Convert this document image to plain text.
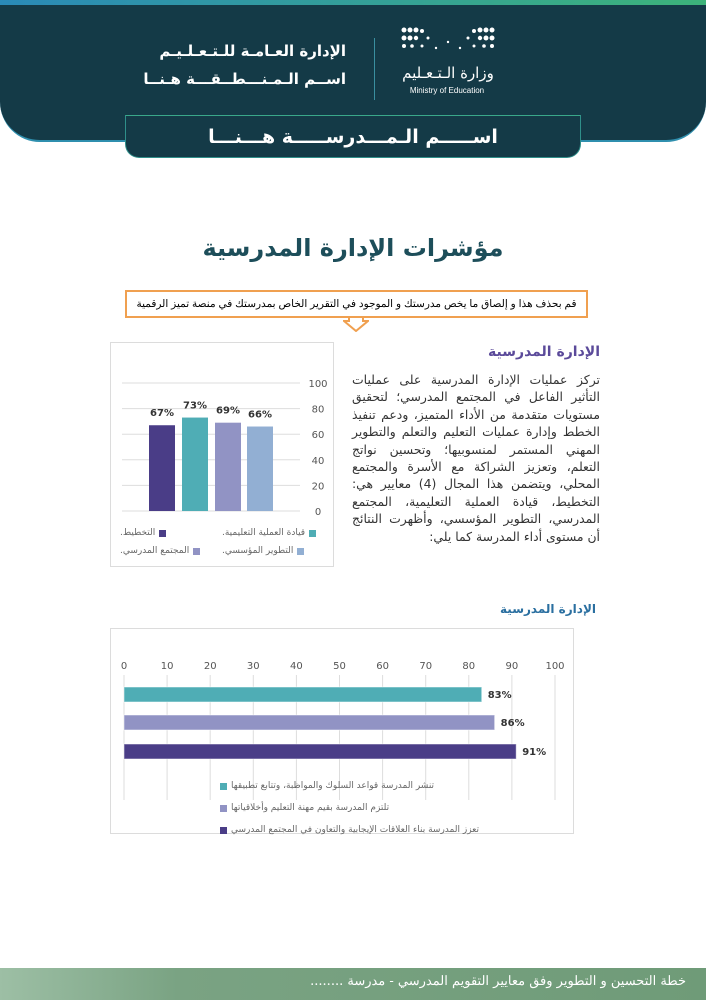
الإدارة العـامـة للـتـعـلـيـم
اســم الـمـنـــطــقـــة هـنــا	وزارة الـتـعـليم
Ministry of Education
اســـــم الـمـــدرســـــة هـــنـــا
مؤشرات الإدارة المدرسية
قم بحذف هذا و إلصاق ما يخص مدرستك و الموجود في التقرير الخاص بمدرستك في منصة تميز الرقمية
0
20
40
60
80
100
67%
73% 69% 66%
التخطيط.	قيادة العملية التعليمية.
المجتمع المدرسي.	التطوير المؤسسي.
الإدارة المدرسية
تركز عمليات الإدارة المدرسية على عمليات التأثير الفاعل في المجتمع المدرسي؛ لتحقيق مستويات متقدمة من الأداء المتميز، ودعم تنفيذ الخطط وإدارة عمليات التعليم والتعلم والتطوير المهني المستمر لمنسوبيها؛ وتحسين نواتج التعلم، وتعزيز الشراكة مع الأسرة والمجتمع المحلي، ويتضمن هذا المجال (4) معايير هي: التخطيط، قيادة العملية التعليمية، المجتمع المدرسي، التطوير المؤسسي، وأظهرت النتائج أن مستوى أداء المدرسة كما يلي:
الإدارة المدرسية
0	10	20	30	40	50	60	70	80	90	100
83%
86%
91%
تنشر المدرسة قواعد السلوك والمواظبة، وتتابع تطبيقها
تلتزم المدرسة بقيم مهنة التعليم وأخلاقياتها
تعزز المدرسة بناء العلاقات الإيجابية والتعاون في المجتمع المدرسي
خطة التحسين و التطوير وفق معايير التقويم المدرسي - مدرسة ........
